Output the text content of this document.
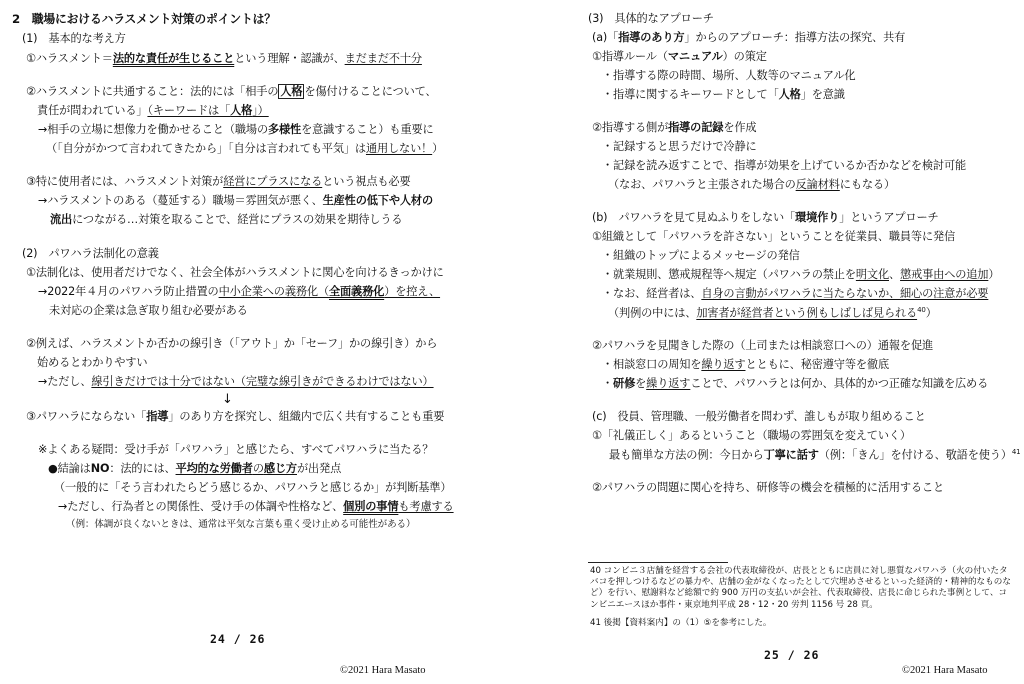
2　職場におけるハラスメント対策のポイントは？
(1)　基本的な考え方
①ハラスメント＝法的な責任が生じることという理解・認識が、まだまだ不十分
②ハラスメントに共通すること：法的には「相手の 人格 を傷付けることについて、
　責任が問われている」（キーワードは「人格」）
→相手の立場に想像力を働かせること（職場の多様性を意識すること）も重要に
（「自分がかつて言われてきたから」「自分は言われても平気」は通用しない！）
③特に使用者には、ハラスメント対策が経営にプラスになるという視点も必要
→ハラスメントのある（蔓延する）職場＝雰囲気が悪く、生産性の低下や人材の
流出につながる…対策を取ることで、経営にプラスの効果を期待しうる
(2)　パワハラ法制化の意義
①法制化は、使用者だけでなく、社会全体がハラスメントに関心を向けるきっかけに
→2022年４月のパワハラ防止措置の中小企業への義務化（全面義務化）を控え、
　未対応の企業は急ぎ取り組む必要がある
②例えば、ハラスメントか否かの線引き（「アウト」か「セーフ」かの線引き）から
　始めるとわかりやすい
→ただし、線引きだけでは十分ではない（完璧な線引きができるわけではない）
↓
③パワハラにならない「指導」のあり方を探究し、組織内で広く共有することも重要
※よくある疑問：受け手が「パワハラ」と感じたら、すべてパワハラに当たる？
●結論はNO：法的には、平均的な労働者の感じ方が出発点
（一般的に「そう言われたらどう感じるか、パワハラと感じるか」が判断基準）
→ただし、行為者との関係性、受け手の体調や性格など、個別の事情も考慮する
（例：体調が良くないときは、通常は平気な言葉も重く受け止める可能性がある）
24 / 26
©2021 Hara Masato
(3)　具体的なアプローチ
(a)「指導のあり方」からのアプローチ：指導方法の探究、共有
①指導ルール（マニュアル）の策定
・指導する際の時間、場所、人数等のマニュアル化
・指導に関するキーワードとして「人格」を意識
②指導する側が指導の記録を作成
・記録すると思うだけで冷静に
・記録を読み返すことで、指導が効果を上げているか否かなどを検討可能
（なお、パワハラと主張された場合の反論材料にもなる）
(b)　パワハラを見て見ぬふりをしない「環境作り」というアプローチ
①組織として「パワハラを許さない」ということを従業員、職員等に発信
・組織のトップによるメッセージの発信
・就業規則、懲戒規程等へ規定（パワハラの禁止を明文化、懲戒事由への追加）
・なお、経営者は、自身の言動がパワハラに当たらないか、細心の注意が必要
（判例の中には、加害者が経営者という例もしばしば見られる$^{40}$）
②パワハラを見聞きした際の（上司または相談窓口への）通報を促進
・相談窓口の周知を繰り返すとともに、秘密遵守等を徹底
・研修を繰り返すことで、パワハラとは何か、具体的かつ正確な知識を広める
(c)　役員、管理職、一般労働者を問わず、誰しもが取り組めること
①「礼儀正しく」あるということ（職場の雰囲気を変えていく）
　最も簡単な方法の例：今日から丁寧に話す（例：「きん」を付ける、敬語を使う）$^{41}$
②パワハラの問題に関心を持ち、研修等の機会を積極的に活用すること
40 コンビニ３店舗を経営する会社の代表取締役が、店長とともに店員に対し悪質なパワハラ（火の付いたタバコを押しつけるなどの暴力や、店舗の金がなくなったとして穴埋めさせるといった経済的・精神的なものなど）を行い、慰謝料など総額で約 900 万円の支払いが会社、代表取締役、店長に命じられた事例として、コンビニエースほか事件・東京地判平成 28・12・20 労判 1156 号 28 頁。
41 後掲【資料案内】の（1）⑤を参考にした。
25 / 26
©2021 Hara Masato
